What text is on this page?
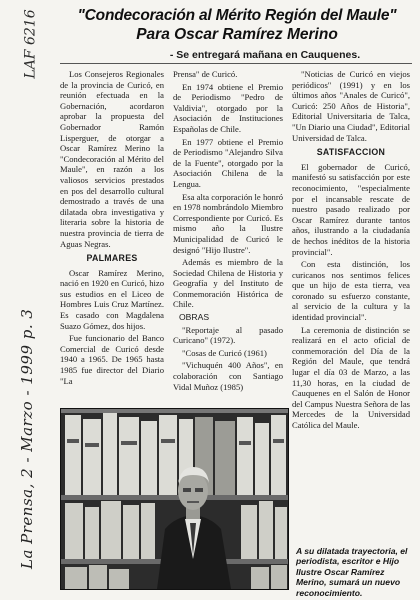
LAF 6216
La Prensa, 2 - Marzo - 1999 p. 3
"Condecoración al Mérito Región del Maule"
Para Oscar Ramírez Merino
- Se entregará mañana en Cauquenes.

Los Consejeros Regionales de la provincia de Curicó, en reunión efectuada en la Gobernación, acordaron aprobar la propuesta del Gobernador Ramón Lisperguer, de otorgar a Oscar Ramírez Merino la "Condecoración al Mérito del Maule", en razón a los valiosos servicios prestados en pos del desarrollo cultural demostrado a través de una dilatada obra investigativa y literaria sobre la historia de nuestra provincia de tierra de Aguas Negras.

PALMARES

Oscar Ramírez Merino, nació en 1920 en Curicó, hizo sus estudios en el Liceo de Hombres Luis Cruz Martínez. Es casado con Magdalena Suazo Gómez, dos hijos.

Fue funcionario del Banco Comercial de Curicó desde 1940 a 1965. De 1965 hasta 1985 fue director del Diario "La

Prensa" de Curicó.

En 1974 obtiene el Premio de Periodismo "Pedro de Valdivia", otorgado por la Asociación de Instituciones Españolas de Chile.

En 1977 obtiene el Premio de Periodismo "Alejandro Silva de la Fuente", otorgado por la Asociación Chilena de la Lengua.

Esa alta corporación le honró en 1978 nombrándolo Miembro Correspondiente por Curicó. Es mismo año la Ilustre Municipalidad de Curicó le designó "Hijo Ilustre".

Además es miembro de la Sociedad Chilena de Historia y Geografía y del Instituto de Conmemoración Histórica de Chile.

OBRAS

"Reportaje al pasado Curicano" (1972).

"Cosas de Curicó (1961)

"Vichuquén 400 Años", en colaboración con Santiago Vidal Muñoz (1985)

"Noticias de Curicó en viejos periódicos" (1991) y en los últimos años "Anales de Curicó", Curicó: 250 Años de Historia", Editorial Universitaria de Talca, "Un Diario una Ciudad", Editorial Universidad de Talca.

SATISFACCION

El gobernador de Curicó, manifestó su satisfacción por este reconocimiento, "especialmente por el incansable rescate de nuestro pasado realizado por Oscar Ramírez durante tantos años, ilustrando a la ciudadanía de hechos inéditos de la historia provincial".

Con esta distinción, los curicanos nos sentimos felices que un hijo de esta tierra, vea coronado su esfuerzo constante, al servicio de la cultura y la identidad provincial".

La ceremonia de distinción se realizará en el acto oficial de conmemoración del Día de la Región del Maule, que tendrá lugar el día 03 de Marzo, a las 11,30 horas, en la ciudad de Cauquenes en el Salón de Honor del Campus Nuestra Señora de las Mercedes de la Universidad Católica del Maule.

A su dilatada trayectoria, el periodista, escritor e Hijo Ilustre Oscar Ramírez Merino, sumará un nuevo reconocimiento.
